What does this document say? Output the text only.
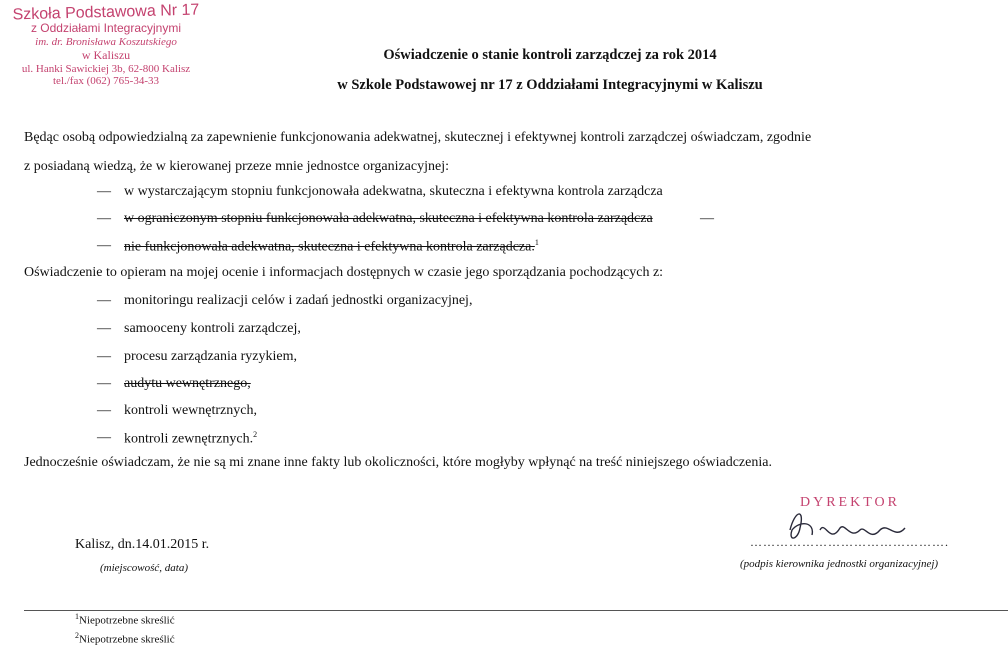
Szkoła Podstawowa Nr 17
z Oddziałami Integracyjnymi
im. dr. Bronisława Koszutskiego
w Kaliszu
ul. Hanki Sawickiej 3b, 62-800 Kalisz
tel./fax (062) 765-34-33
Oświadczenie o stanie kontroli zarządczej za rok 2014
w Szkole Podstawowej nr 17 z Oddziałami Integracyjnymi w Kaliszu
Będąc osobą odpowiedzialną za zapewnienie funkcjonowania adekwatnej, skutecznej i efektywnej kontroli zarządczej oświadczam, zgodnie
z posiadaną wiedzą, że w kierowanej przeze mnie jednostce organizacyjnej:
— w wystarczającym stopniu funkcjonowała adekwatna, skuteczna i efektywna kontrola zarządcza
— w ograniczonym stopniu funkcjonowała adekwatna, skuteczna i efektywna kontrola zarządcza	—
— nie funkcjonowała adekwatna, skuteczna i efektywna kontrola zarządcza.$^1$
Oświadczenie to opieram na mojej ocenie i informacjach dostępnych w czasie jego sporządzania pochodzących z:
— monitoringu realizacji celów i zadań jednostki organizacyjnej,
— samooceny kontroli zarządczej,
— procesu zarządzania ryzykiem,
— audytu wewnętrznego,
— kontroli wewnętrznych,
— kontroli zewnętrznych.$^2$
Jednocześnie oświadczam, że nie są mi znane inne fakty lub okoliczności, które mogłyby wpłynąć na treść niniejszego oświadczenia.
Kalisz, dn.14.01.2015 r.
(miejscowość, data)
DYREKTOR
……………………………………….
(podpis kierownika jednostki organizacyjnej)
$^1$Niepotrzebne skreślić
$^2$Niepotrzebne skreślić
